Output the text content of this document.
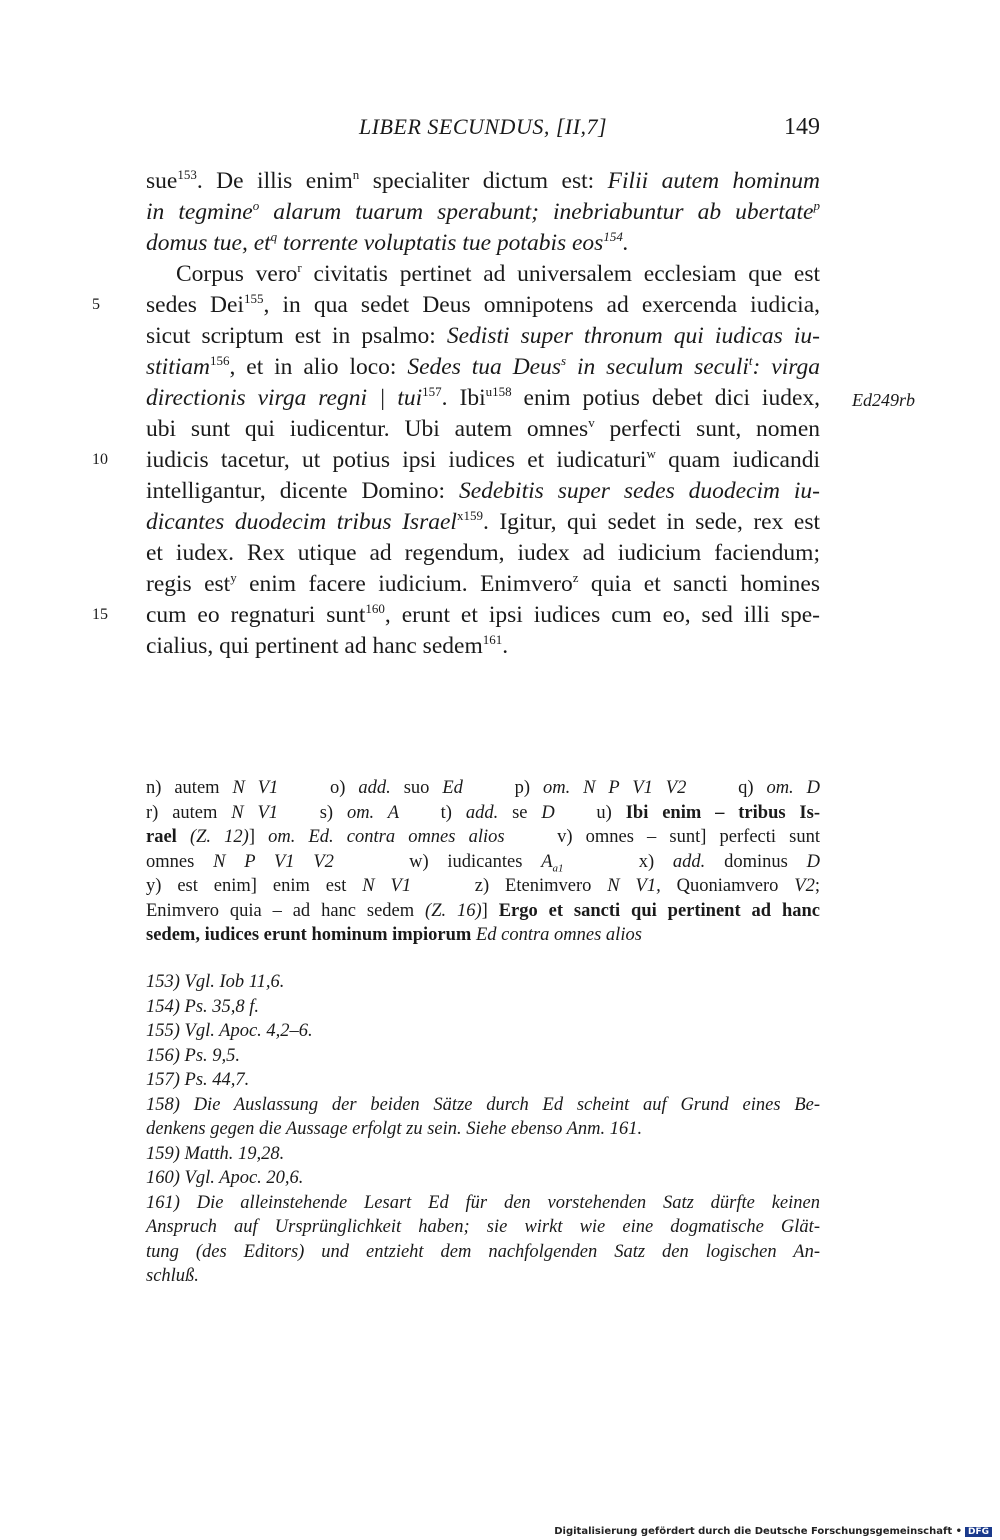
LIBER SECUNDUS, [II,7]	149
sue$^{153}$. De illis enim$^n$ specialiter dictum est: Filii autem hominum
in tegmine$^o$ alarum tuarum sperabunt; inebriabuntur ab ubertate$^p$
domus tue, $et^q$ torrente voluptatis tue potabis eos$^{154}$.
Corpus vero$^r$ civitatis pertinet ad universalem ecclesiam que est
sedes Dei$^{155}$, in qua sedet Deus omnipotens ad exercenda iudicia,
sicut scriptum est in psalmo: Sedisti super thronum qui iudicas iu-
stitiam$^{156}$, et in alio loco: Sedes tua Deus$^s$ in seculum seculi$^t$: virga
directionis virga regni | tui$^{157}$. Ibi$^{u158}$ enim potius debet dici iudex,
ubi sunt qui iudicentur. Ubi autem omnes$^v$ perfecti sunt, nomen
iudicis tacetur, ut potius ipsi iudices et iudicaturi$^w$ quam iudicandi
intelligantur, dicente Domino: Sedebitis super sedes duodecim iu-
dicantes duodecim tribus Israel$^{x159}$. Igitur, qui sedet in sede, rex est
et iudex. Rex utique ad regendum, iudex ad iudicium faciendum;
regis est$^y$ enim facere iudicium. Enimvero$^z$ quia et sancti homines
cum eo regnaturi sunt$^{160}$, erunt et ipsi iudices cum eo, sed illi spe-
cialius, qui pertinent ad hanc sedem$^{161}$.
5
10
15
Ed249rb
n) autem N V1    o) add. suo Ed    p) om. N P V1 V2    q) om. D
r) autem N V1   s) om. A   t) add. se D   u) Ibi enim – tribus Is-
rael (Z. 12)] om. Ed. contra omnes alios    v) omnes – sunt] perfecti sunt
omnes N P V1 V2    w) iudicantes $A_{a1}$    x) add. dominus D
y) est enim] enim est N V1    z) Etenimvero N V1, Quoniamvero V2;
Enimvero quia – ad hanc sedem (Z. 16)] Ergo et sancti qui pertinent ad hanc
sedem, iudices erunt hominum impiorum Ed contra omnes alios
153) Vgl. Iob 11,6.
154) Ps. 35,8 f.
155) Vgl. Apoc. 4,2–6.
156) Ps. 9,5.
157) Ps. 44,7.
158) Die Auslassung der beiden Sätze durch Ed scheint auf Grund eines Be-
denkens gegen die Aussage erfolgt zu sein. Siehe ebenso Anm. 161.
159) Matth. 19,28.
160) Vgl. Apoc. 20,6.
161) Die alleinstehende Lesart Ed für den vorstehenden Satz dürfte keinen
Anspruch auf Ursprünglichkeit haben; sie wirkt wie eine dogmatische Glät-
tung (des Editors) und entzieht dem nachfolgenden Satz den logischen An-
schluß.
Digitalisierung gefördert durch die Deutsche Forschungsgemeinschaft • DFG
